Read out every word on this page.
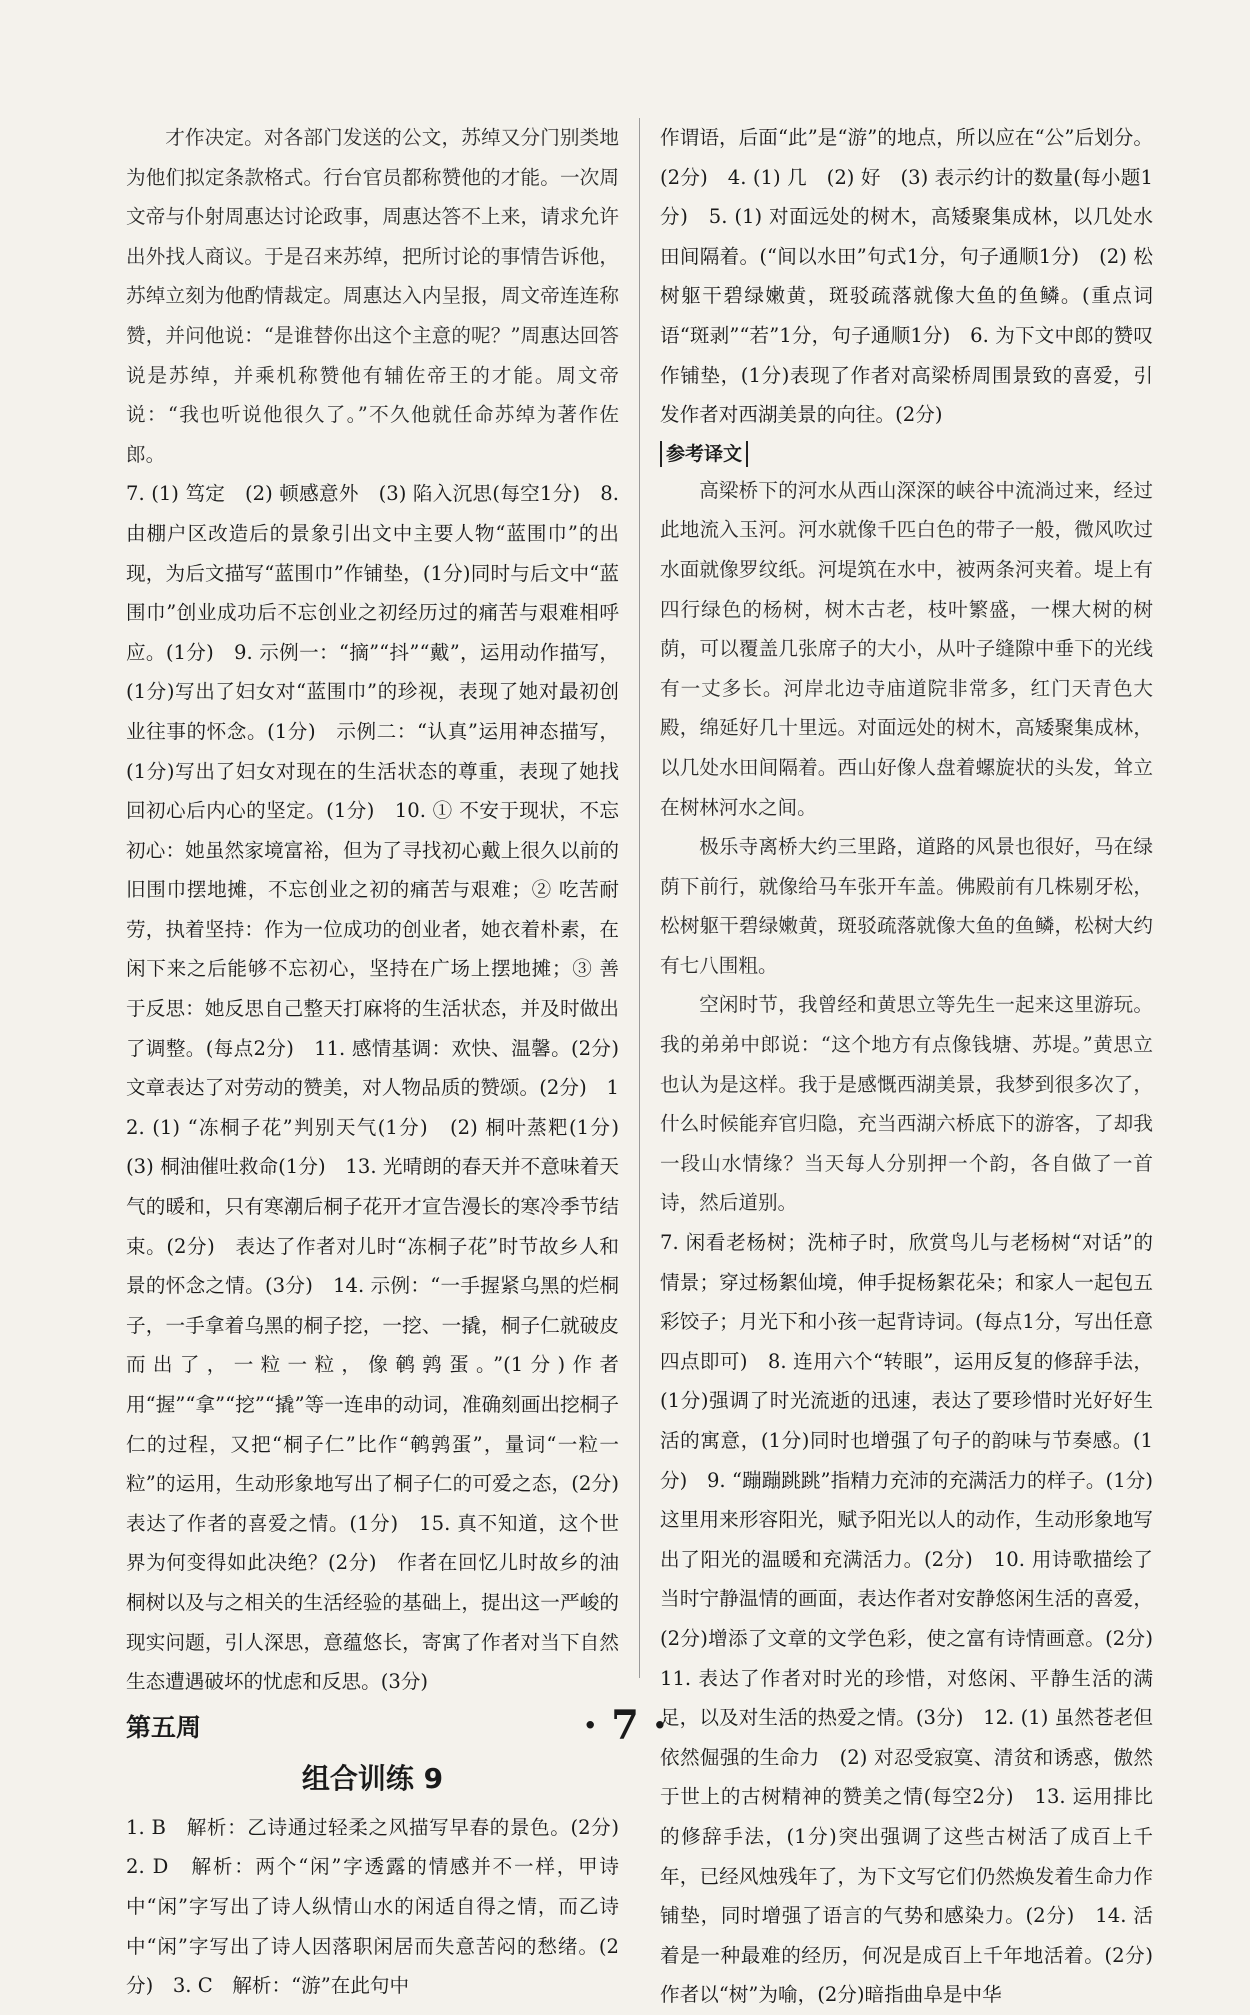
才作决定。对各部门发送的公文，苏绰又分门别类地为他们拟定条款格式。行台官员都称赞他的才能。一次周文帝与仆射周惠达讨论政事，周惠达答不上来，请求允许出外找人商议。于是召来苏绰，把所讨论的事情告诉他，苏绰立刻为他酌情裁定。周惠达入内呈报，周文帝连连称赞，并问他说：“是谁替你出这个主意的呢？”周惠达回答说是苏绰，并乘机称赞他有辅佐帝王的才能。周文帝说：“我也听说他很久了。”不久他就任命苏绰为著作佐郎。

7. (1) 笃定　(2) 顿感意外　(3) 陷入沉思(每空1分)　8. 由棚户区改造后的景象引出文中主要人物“蓝围巾”的出现，为后文描写“蓝围巾”作铺垫，(1分)同时与后文中“蓝围巾”创业成功后不忘创业之初经历过的痛苦与艰难相呼应。(1分)　9. 示例一：“摘”“抖”“戴”，运用动作描写，(1分)写出了妇女对“蓝围巾”的珍视，表现了她对最初创业往事的怀念。(1分)　示例二：“认真”运用神态描写，(1分)写出了妇女对现在的生活状态的尊重，表现了她找回初心后内心的坚定。(1分)　10. ① 不安于现状，不忘初心：她虽然家境富裕，但为了寻找初心戴上很久以前的旧围巾摆地摊，不忘创业之初的痛苦与艰难；② 吃苦耐劳，执着坚持：作为一位成功的创业者，她衣着朴素，在闲下来之后能够不忘初心，坚持在广场上摆地摊；③ 善于反思：她反思自己整天打麻将的生活状态，并及时做出了调整。(每点2分)　11. 感情基调：欢快、温馨。(2分)　文章表达了对劳动的赞美，对人物品质的赞颂。(2分)　12. (1) “冻桐子花”判别天气(1分)　(2) 桐叶蒸粑(1分)　(3) 桐油催吐救命(1分)　13. 光晴朗的春天并不意味着天气的暖和，只有寒潮后桐子花开才宣告漫长的寒冷季节结束。(2分)　表达了作者对儿时“冻桐子花”时节故乡人和景的怀念之情。(3分)　14. 示例：“一手握紧乌黑的烂桐子，一手拿着乌黑的桐子挖，一挖、一撬，桐子仁就破皮而出了，一粒一粒，像鹌鹑蛋。”(1分)作者用“握”“拿”“挖”“撬”等一连串的动词，准确刻画出挖桐子仁的过程，又把“桐子仁”比作“鹌鹑蛋”，量词“一粒一粒”的运用，生动形象地写出了桐子仁的可爱之态，(2分)表达了作者的喜爱之情。(1分)　15. 真不知道，这个世界为何变得如此决绝？(2分)　作者在回忆儿时故乡的油桐树以及与之相关的生活经验的基础上，提出这一严峻的现实问题，引人深思，意蕴悠长，寄寓了作者对当下自然生态遭遇破坏的忧虑和反思。(3分)

第五周
组合训练 9

1. B　解析：乙诗通过轻柔之风描写早春的景色。(2分)　2. D　解析：两个“闲”字透露的情感并不一样，甲诗中“闲”字写出了诗人纵情山水的闲适自得之情，而乙诗中“闲”字写出了诗人因落职闲居而失意苦闷的愁绪。(2分)　3. C　解析：“游”在此句中

作谓语，后面“此”是“游”的地点，所以应在“公”后划分。(2分)　4. (1) 几　(2) 好　(3) 表示约计的数量(每小题1分)　5. (1) 对面远处的树木，高矮聚集成林，以几处水田间隔着。(“间以水田”句式1分，句子通顺1分)　(2) 松树躯干碧绿嫩黄，斑驳疏落就像大鱼的鱼鳞。(重点词语“斑剥”“若”1分，句子通顺1分)　6. 为下文中郎的赞叹作铺垫，(1分)表现了作者对高梁桥周围景致的喜爱，引发作者对西湖美景的向往。(2分)

参考译文

高梁桥下的河水从西山深深的峡谷中流淌过来，经过此地流入玉河。河水就像千匹白色的带子一般，微风吹过水面就像罗纹纸。河堤筑在水中，被两条河夹着。堤上有四行绿色的杨树，树木古老，枝叶繁盛，一棵大树的树荫，可以覆盖几张席子的大小，从叶子缝隙中垂下的光线有一丈多长。河岸北边寺庙道院非常多，红门天青色大殿，绵延好几十里远。对面远处的树木，高矮聚集成林，以几处水田间隔着。西山好像人盘着螺旋状的头发，耸立在树林河水之间。

极乐寺离桥大约三里路，道路的风景也很好，马在绿荫下前行，就像给马车张开车盖。佛殿前有几株剔牙松，松树躯干碧绿嫩黄，斑驳疏落就像大鱼的鱼鳞，松树大约有七八围粗。

空闲时节，我曾经和黄思立等先生一起来这里游玩。我的弟弟中郎说：“这个地方有点像钱塘、苏堤。”黄思立也认为是这样。我于是感慨西湖美景，我梦到很多次了，什么时候能弃官归隐，充当西湖六桥底下的游客，了却我一段山水情缘？当天每人分别押一个韵，各自做了一首诗，然后道别。

7. 闲看老杨树；洗柿子时，欣赏鸟儿与老杨树“对话”的情景；穿过杨絮仙境，伸手捉杨絮花朵；和家人一起包五彩饺子；月光下和小孩一起背诗词。(每点1分，写出任意四点即可)　8. 连用六个“转眼”，运用反复的修辞手法，(1分)强调了时光流逝的迅速，表达了要珍惜时光好好生活的寓意，(1分)同时也增强了句子的韵味与节奏感。(1分)　9. “蹦蹦跳跳”指精力充沛的充满活力的样子。(1分)这里用来形容阳光，赋予阳光以人的动作，生动形象地写出了阳光的温暖和充满活力。(2分)　10. 用诗歌描绘了当时宁静温情的画面，表达作者对安静悠闲生活的喜爱，(2分)增添了文章的文学色彩，使之富有诗情画意。(2分)　11. 表达了作者对时光的珍惜，对悠闲、平静生活的满足，以及对生活的热爱之情。(3分)　12. (1) 虽然苍老但依然倔强的生命力　(2) 对忍受寂寞、清贫和诱惑，傲然于世上的古树精神的赞美之情(每空2分)　13. 运用排比的修辞手法，(1分)突出强调了这些古树活了成百上千年，已经风烛残年了，为下文写它们仍然焕发着生命力作铺垫，同时增强了语言的气势和感染力。(2分)　14. 活着是一种最难的经历，何况是成百上千年地活着。(2分)作者以“树”为喻，(2分)暗指曲阜是中华

· 7 ·
